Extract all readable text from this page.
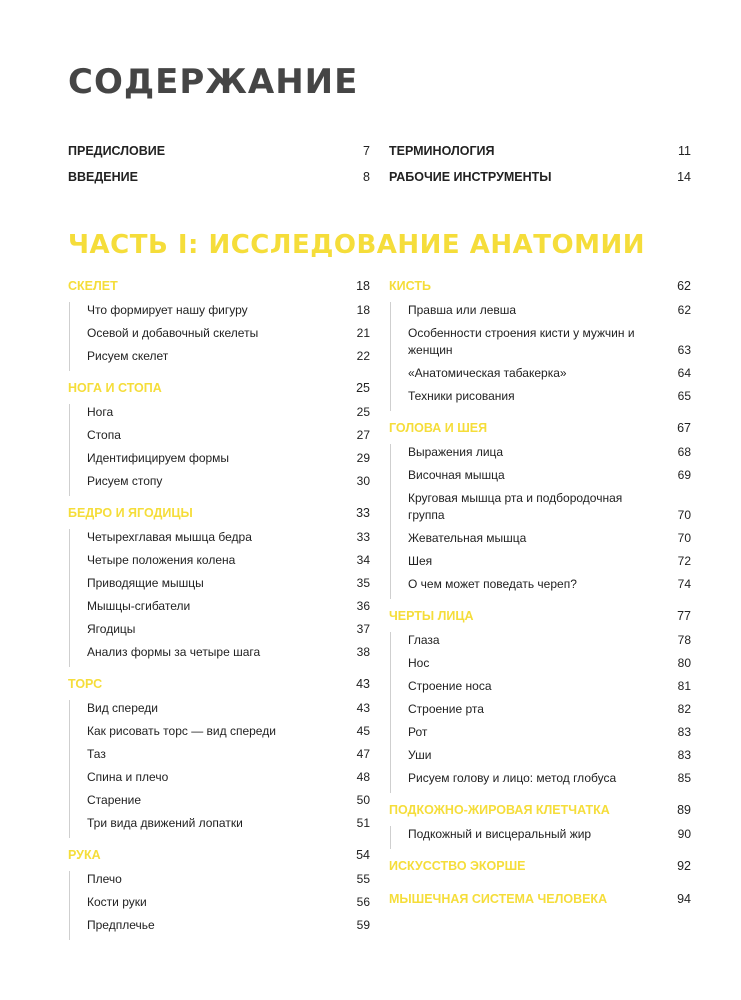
СОДЕРЖАНИЕ
ПРЕДИСЛОВИЕ	7
ВВЕДЕНИЕ	8
ТЕРМИНОЛОГИЯ	11
РАБОЧИЕ ИНСТРУМЕНТЫ	14
ЧАСТЬ I: ИССЛЕДОВАНИЕ АНАТОМИИ
СКЕЛЕТ	18
Что формирует нашу фигуру	18
Осевой и добавочный скелеты	21
Рисуем скелет	22
НОГА И СТОПА	25
Нога	25
Стопа	27
Идентифицируем формы	29
Рисуем стопу	30
БЕДРО И ЯГОДИЦЫ	33
Четырехглавая мышца бедра	33
Четыре положения колена	34
Приводящие мышцы	35
Мышцы-сгибатели	36
Ягодицы	37
Анализ формы за четыре шага	38
ТОРС	43
Вид спереди	43
Как рисовать торс — вид спереди	45
Таз	47
Спина и плечо	48
Старение	50
Три вида движений лопатки	51
РУКА	54
Плечо	55
Кости руки	56
Предплечье	59
КИСТЬ	62
Правша или левша	62
Особенности строения кисти у мужчин и женщин	63
«Анатомическая табакерка»	64
Техники рисования	65
ГОЛОВА И ШЕЯ	67
Выражения лица	68
Височная мышца	69
Круговая мышца рта и подбородочная группа	70
Жевательная мышца	70
Шея	72
О чем может поведать череп?	74
ЧЕРТЫ ЛИЦА	77
Глаза	78
Нос	80
Строение носа	81
Строение рта	82
Рот	83
Уши	83
Рисуем голову и лицо: метод глобуса	85
ПОДКОЖНО-ЖИРОВАЯ КЛЕТЧАТКА	89
Подкожный и висцеральный жир	90
ИСКУССТВО ЭКОРШЕ	92
МЫШЕЧНАЯ СИСТЕМА ЧЕЛОВЕКА	94
